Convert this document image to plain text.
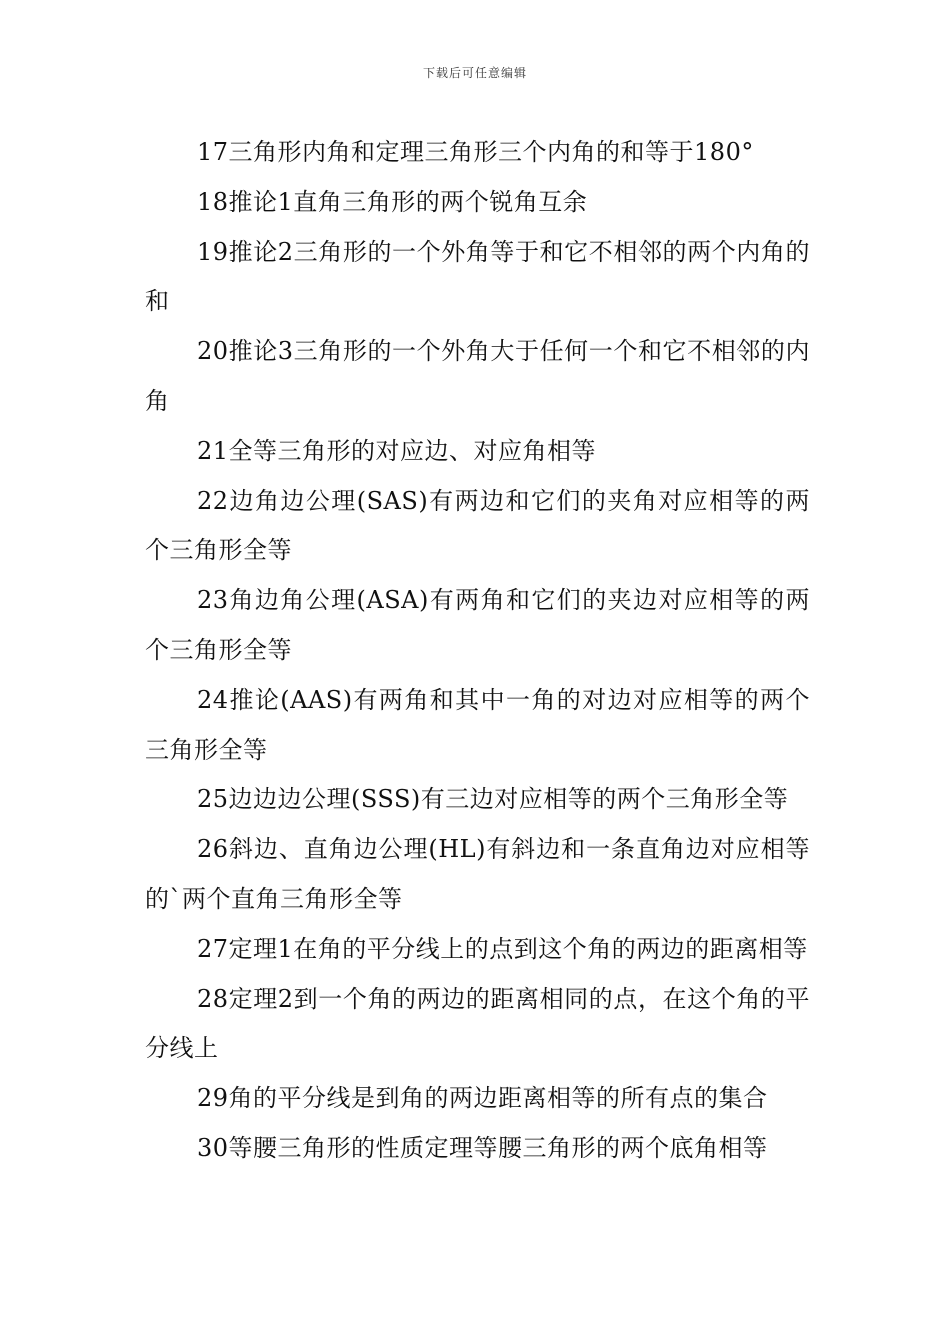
下载后可任意编辑

17三角形内角和定理三角形三个内角的和等于180°

18推论1直角三角形的两个锐角互余

19推论2三角形的一个外角等于和它不相邻的两个内角的和

20推论3三角形的一个外角大于任何一个和它不相邻的内角

21全等三角形的对应边、对应角相等

22边角边公理(SAS)有两边和它们的夹角对应相等的两个三角形全等

23角边角公理(ASA)有两角和它们的夹边对应相等的两个三角形全等

24推论(AAS)有两角和其中一角的对边对应相等的两个三角形全等

25边边边公理(SSS)有三边对应相等的两个三角形全等

26斜边、直角边公理(HL)有斜边和一条直角边对应相等的`两个直角三角形全等

27定理1在角的平分线上的点到这个角的两边的距离相等

28定理2到一个角的两边的距离相同的点，在这个角的平分线上

29角的平分线是到角的两边距离相等的所有点的集合

30等腰三角形的性质定理等腰三角形的两个底角相等
